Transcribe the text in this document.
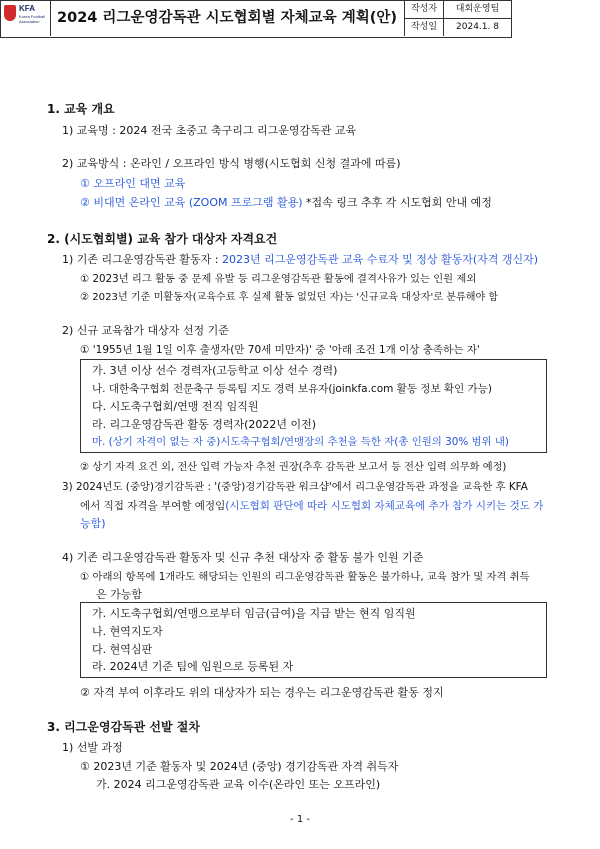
KFA
Korea Football Association	2024 리그운영감독관 시도협회별 자체교육 계획(안)
작성자	대회운영팀
작성일	2024.1. 8
1. 교육 개요
1) 교육명 : 2024 전국 초중고 축구리그 리그운영감독관 교육
2) 교육방식 : 온라인 / 오프라인 방식 병행(시도협회 신청 결과에 따름)
① 오프라인 대면 교육
② 비대면 온라인 교육 (ZOOM 프로그램 활용) *접속 링크 추후 각 시도협회 안내 예정
2. (시도협회별) 교육 참가 대상자 자격요건
1) 기존 리그운영감독관 활동자 : 2023년 리그운영감독관 교육 수료자 및 정상 활동자(자격 갱신자)
① 2023년 리그 활동 중 문제 유발 등 리그운영감독관 활동에 결격사유가 있는 인원 제외
② 2023년 기준 미활동자(교육수료 후 실제 활동 없었던 자)는 '신규교육 대상자'로 분류해야 함
2) 신규 교육참가 대상자 선정 기준
① '1955년 1월 1일 이후 출생자(만 70세 미만자)' 중 '아래 조건 1개 이상 충족하는 자'
가. 3년 이상 선수 경력자(고등학교 이상 선수 경력)
나. 대한축구협회 전문축구 등록팀 지도 경력 보유자(joinkfa.com 활동 정보 확인 가능)
다. 시도축구협회/연맹 전직 임직원
라. 리그운영감독관 활동 경력자(2022년 이전)
마. (상기 자격이 없는 자 중)시도축구협회/연맹장의 추천을 득한 자(총 인원의 30% 범위 내)
② 상기 자격 요건 외, 전산 입력 가능자 추천 권장(추후 감독관 보고서 등 전산 입력 의무화 예정)
3) 2024년도 (중앙)경기감독관 : '(중앙)경기감독관 워크샵'에서 리그운영감독관 과정을 교육한 후 KFA
에서 직접 자격을 부여할 예정임(시도협회 판단에 따라 시도협회 자체교육에 추가 참가 시키는 것도 가
능함)
4) 기존 리그운영감독관 활동자 및 신규 추천 대상자 중 활동 불가 인원 기준
① 아래의 항목에 1개라도 해당되는 인원의 리그운영감독관 활동은 불가하나, 교육 참가 및 자격 취득
은 가능함
가. 시도축구협회/연맹으로부터 임금(급여)을 지급 받는 현직 임직원
나. 현역지도자
다. 현역심판
라. 2024년 기준 팀에 임원으로 등록된 자
② 자격 부여 이후라도 위의 대상자가 되는 경우는 리그운영감독관 활동 정지
3. 리그운영감독관 선발 절차
1) 선발 과정
① 2023년 기준 활동자 및 2024년 (중앙) 경기감독관 자격 취득자
가. 2024 리그운영감독관 교육 이수(온라인 또는 오프라인)
- 1 -
